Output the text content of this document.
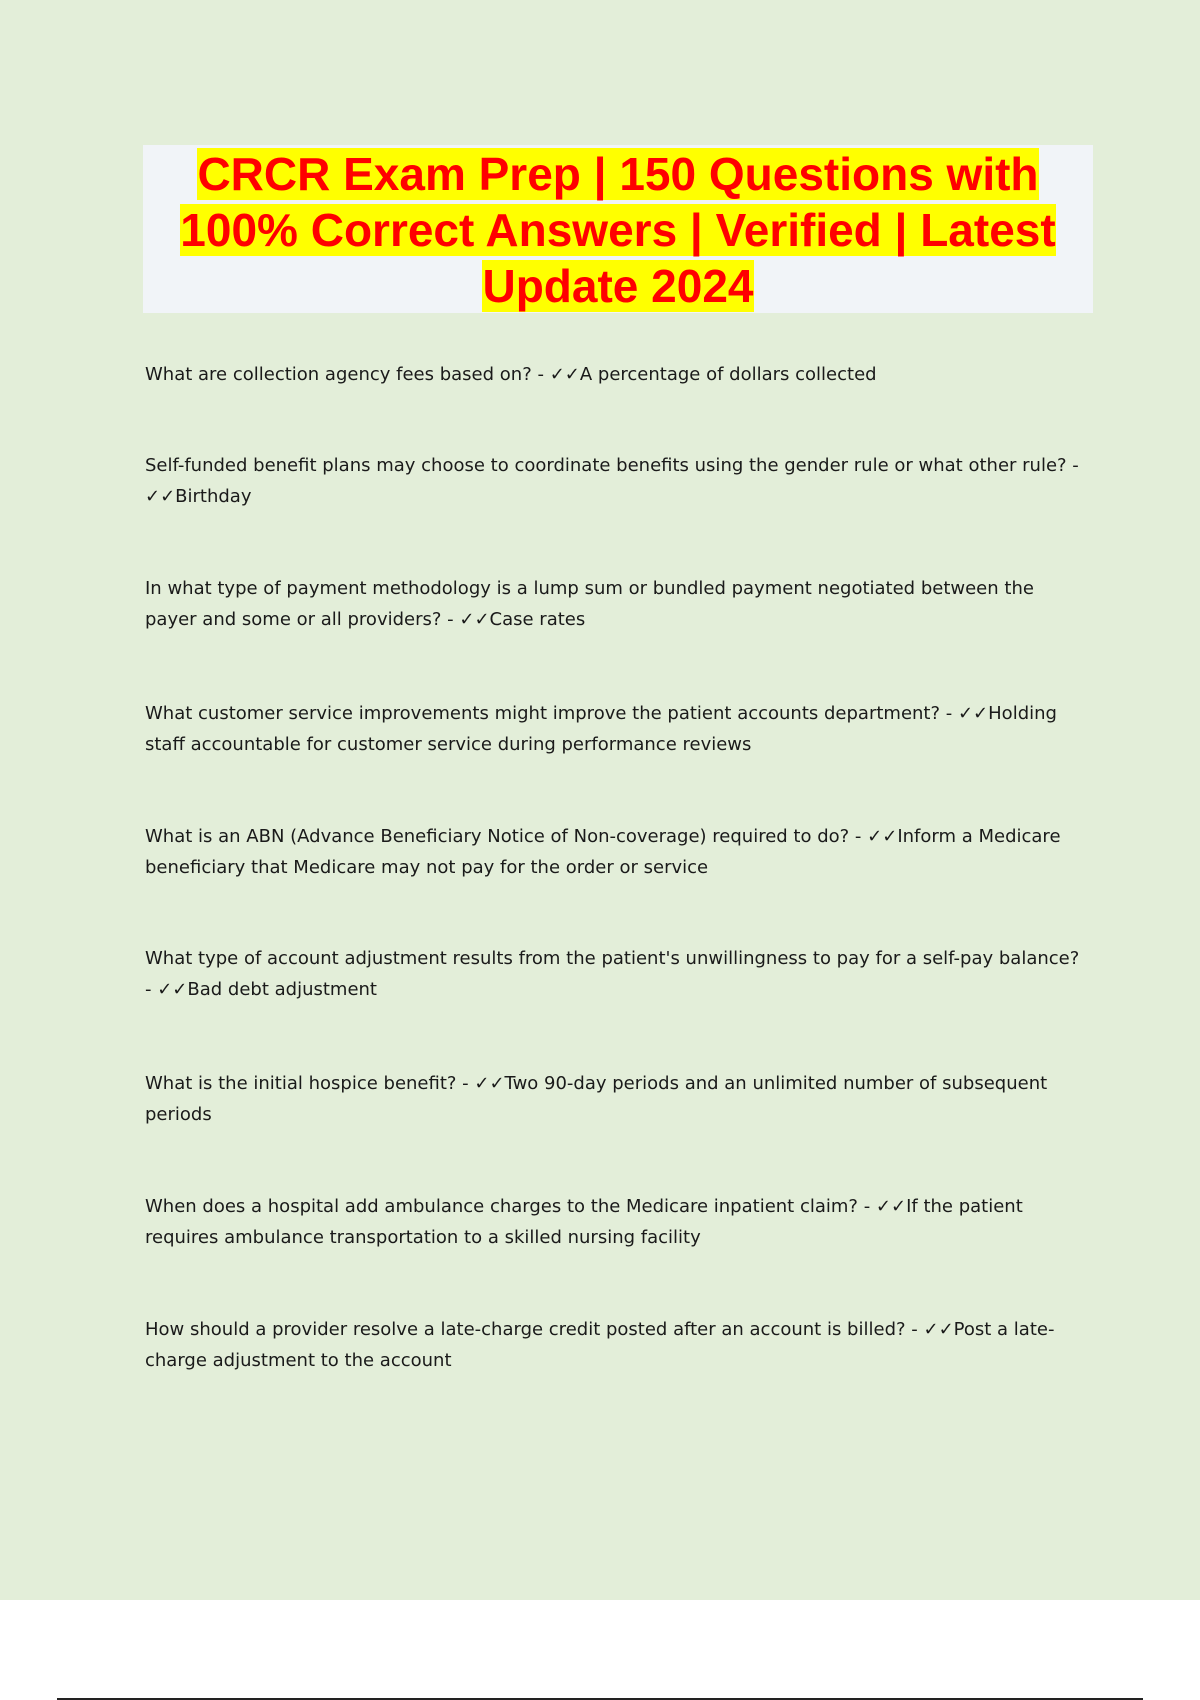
CRCR Exam Prep | 150 Questions with 100% Correct Answers | Verified | Latest Update 2024

What are collection agency fees based on? - ✓✓A percentage of dollars collected

Self-funded benefit plans may choose to coordinate benefits using the gender rule or what other rule? - ✓✓Birthday

In what type of payment methodology is a lump sum or bundled payment negotiated between the payer and some or all providers? - ✓✓Case rates

What customer service improvements might improve the patient accounts department? - ✓✓Holding staff accountable for customer service during performance reviews

What is an ABN (Advance Beneficiary Notice of Non-coverage) required to do? - ✓✓Inform a Medicare beneficiary that Medicare may not pay for the order or service

What type of account adjustment results from the patient's unwillingness to pay for a self-pay balance? - ✓✓Bad debt adjustment

What is the initial hospice benefit? - ✓✓Two 90-day periods and an unlimited number of subsequent periods

When does a hospital add ambulance charges to the Medicare inpatient claim? - ✓✓If the patient requires ambulance transportation to a skilled nursing facility

How should a provider resolve a late-charge credit posted after an account is billed? - ✓✓Post a late-charge adjustment to the account
